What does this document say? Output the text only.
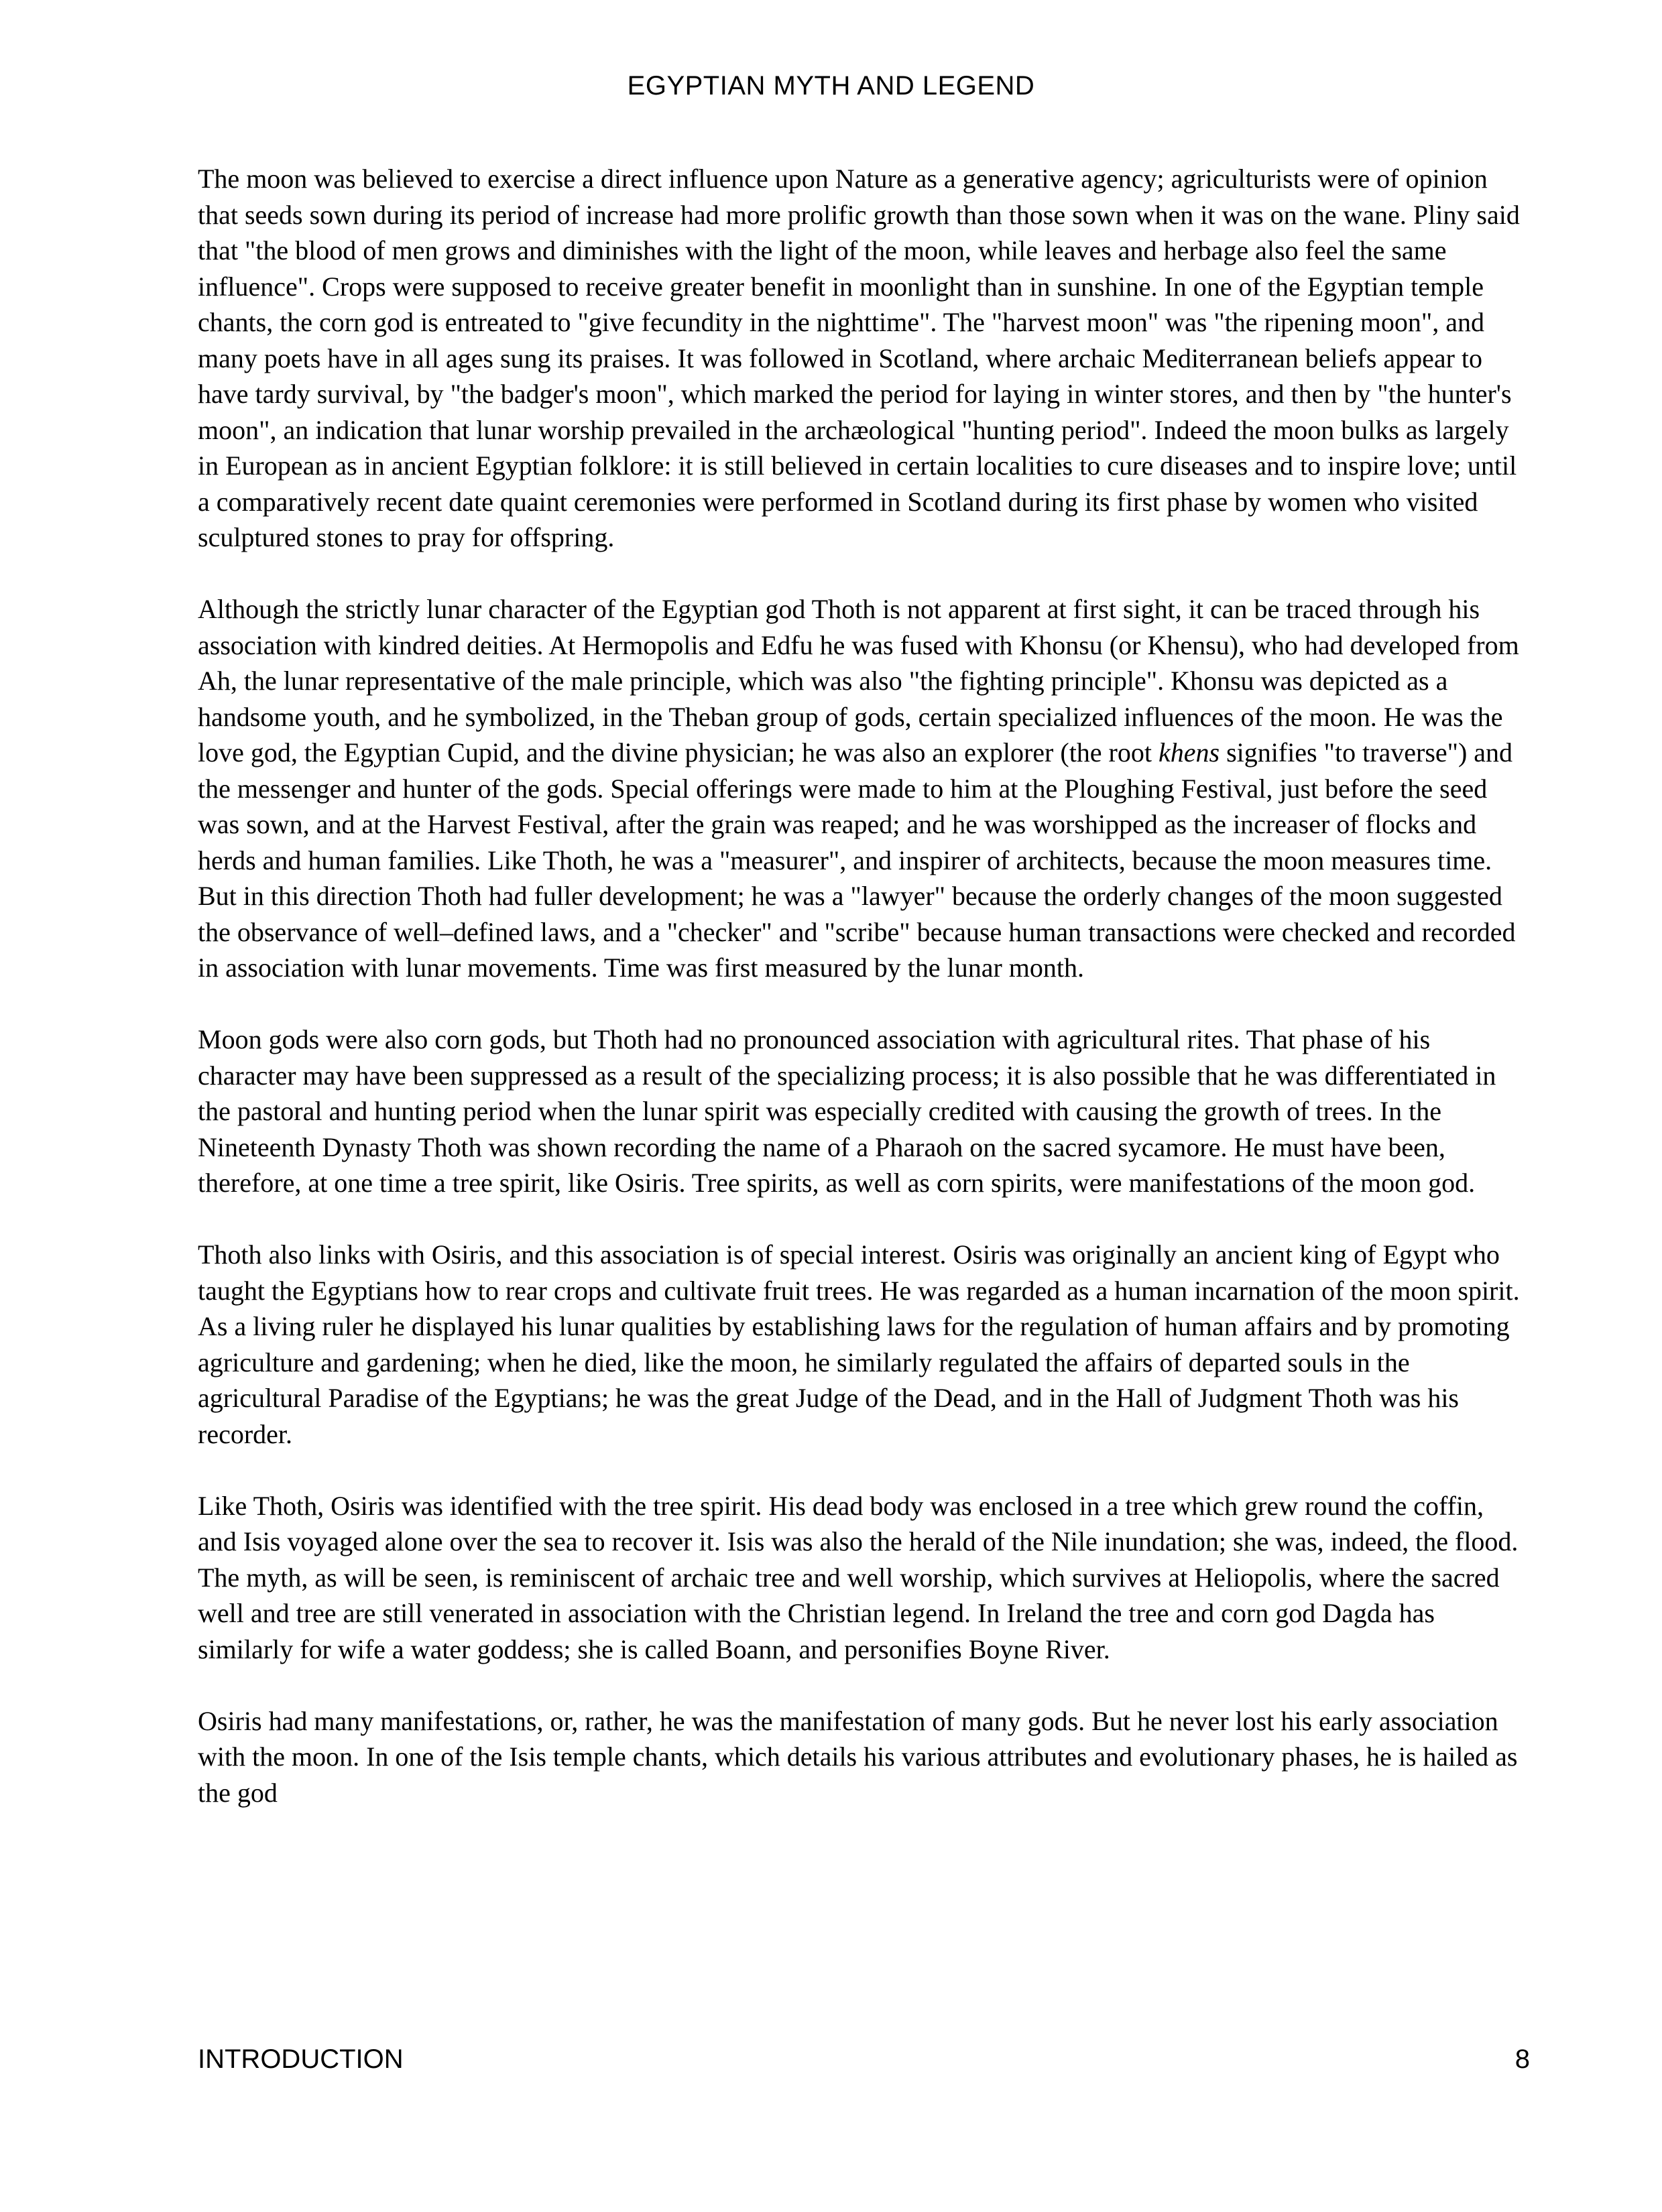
EGYPTIAN MYTH AND LEGEND

The moon was believed to exercise a direct influence upon Nature as a generative agency; agriculturists were of opinion that seeds sown during its period of increase had more prolific growth than those sown when it was on the wane. Pliny said that "the blood of men grows and diminishes with the light of the moon, while leaves and herbage also feel the same influence". Crops were supposed to receive greater benefit in moonlight than in sunshine. In one of the Egyptian temple chants, the corn god is entreated to "give fecundity in the nighttime". The "harvest moon" was "the ripening moon", and many poets have in all ages sung its praises. It was followed in Scotland, where archaic Mediterranean beliefs appear to have tardy survival, by "the badger's moon", which marked the period for laying in winter stores, and then by "the hunter's moon", an indication that lunar worship prevailed in the archæological "hunting period". Indeed the moon bulks as largely in European as in ancient Egyptian folklore: it is still believed in certain localities to cure diseases and to inspire love; until a comparatively recent date quaint ceremonies were performed in Scotland during its first phase by women who visited sculptured stones to pray for offspring.

Although the strictly lunar character of the Egyptian god Thoth is not apparent at first sight, it can be traced through his association with kindred deities. At Hermopolis and Edfu he was fused with Khonsu (or Khensu), who had developed from Ah, the lunar representative of the male principle, which was also "the fighting principle". Khonsu was depicted as a handsome youth, and he symbolized, in the Theban group of gods, certain specialized influences of the moon. He was the love god, the Egyptian Cupid, and the divine physician; he was also an explorer (the root khens signifies "to traverse") and the messenger and hunter of the gods. Special offerings were made to him at the Ploughing Festival, just before the seed was sown, and at the Harvest Festival, after the grain was reaped; and he was worshipped as the increaser of flocks and herds and human families. Like Thoth, he was a "measurer", and inspirer of architects, because the moon measures time. But in this direction Thoth had fuller development; he was a "lawyer" because the orderly changes of the moon suggested the observance of well–defined laws, and a "checker" and "scribe" because human transactions were checked and recorded in association with lunar movements. Time was first measured by the lunar month.

Moon gods were also corn gods, but Thoth had no pronounced association with agricultural rites. That phase of his character may have been suppressed as a result of the specializing process; it is also possible that he was differentiated in the pastoral and hunting period when the lunar spirit was especially credited with causing the growth of trees. In the Nineteenth Dynasty Thoth was shown recording the name of a Pharaoh on the sacred sycamore. He must have been, therefore, at one time a tree spirit, like Osiris. Tree spirits, as well as corn spirits, were manifestations of the moon god.

Thoth also links with Osiris, and this association is of special interest. Osiris was originally an ancient king of Egypt who taught the Egyptians how to rear crops and cultivate fruit trees. He was regarded as a human incarnation of the moon spirit. As a living ruler he displayed his lunar qualities by establishing laws for the regulation of human affairs and by promoting agriculture and gardening; when he died, like the moon, he similarly regulated the affairs of departed souls in the agricultural Paradise of the Egyptians; he was the great Judge of the Dead, and in the Hall of Judgment Thoth was his recorder.

Like Thoth, Osiris was identified with the tree spirit. His dead body was enclosed in a tree which grew round the coffin, and Isis voyaged alone over the sea to recover it. Isis was also the herald of the Nile inundation; she was, indeed, the flood. The myth, as will be seen, is reminiscent of archaic tree and well worship, which survives at Heliopolis, where the sacred well and tree are still venerated in association with the Christian legend. In Ireland the tree and corn god Dagda has similarly for wife a water goddess; she is called Boann, and personifies Boyne River.

Osiris had many manifestations, or, rather, he was the manifestation of many gods. But he never lost his early association with the moon. In one of the Isis temple chants, which details his various attributes and evolutionary phases, he is hailed as the god

INTRODUCTION	8
